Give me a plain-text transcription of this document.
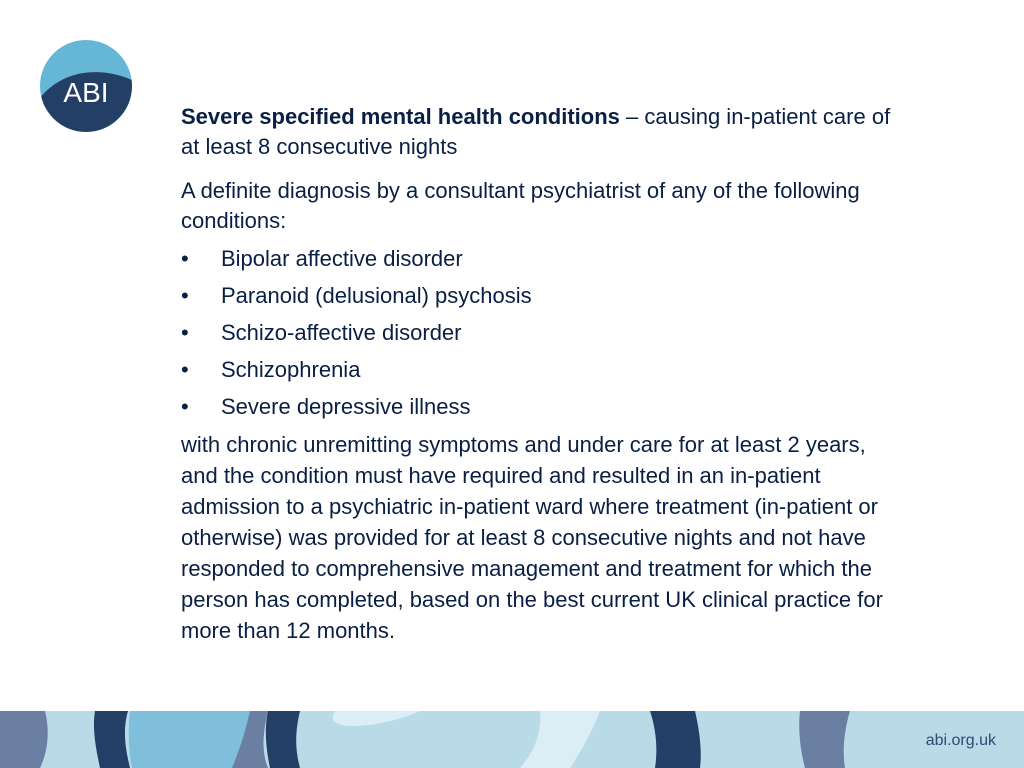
ABI

Severe specified mental health conditions – causing in-patient care of at least 8 consecutive nights

A definite diagnosis by a consultant psychiatrist of any of the following conditions:

• Bipolar affective disorder
• Paranoid (delusional) psychosis
• Schizo-affective disorder
• Schizophrenia
• Severe depressive illness

with chronic unremitting symptoms and under care for at least 2 years, and the condition must have required and resulted in an in-patient admission to a psychiatric in-patient ward where treatment (in-patient or otherwise) was provided for at least 8 consecutive nights and not have responded to comprehensive management and treatment for which the person has completed, based on the best current UK clinical practice for more than 12 months.

abi.org.uk
